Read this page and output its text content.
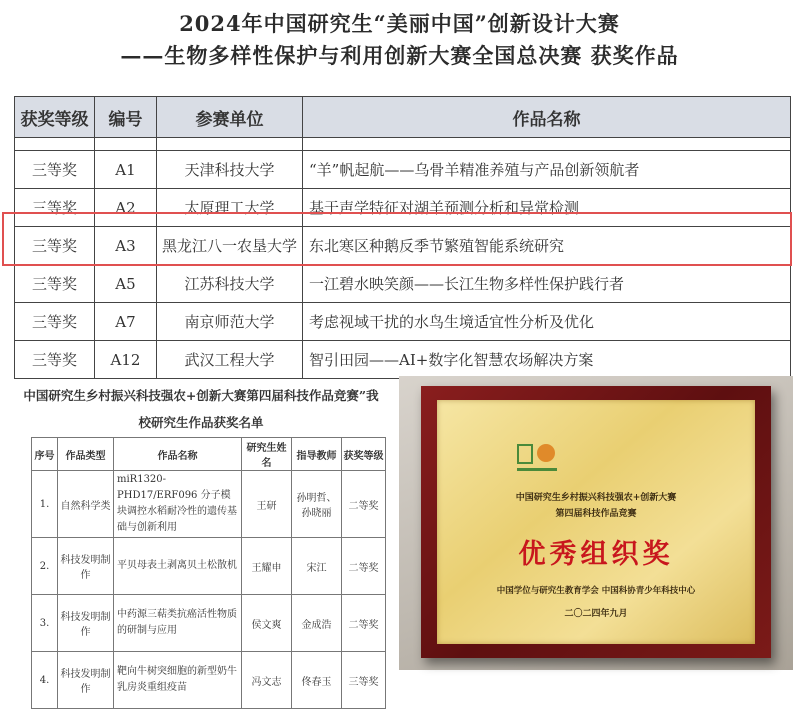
2024年中国研究生“美丽中国”创新设计大赛
——生物多样性保护与利用创新大赛全国总决赛 获奖作品
获奖等级	编号	参赛单位	作品名称

三等奖	A1	天津科技大学	“羊”帆起航——乌骨羊精准养殖与产品创新领航者
三等奖	A2	太原理工大学	基于声学特征对湖羊预测分析和异常检测
三等奖	A3	黑龙江八一农垦大学	东北寒区种鹅反季节繁殖智能系统研究
三等奖	A5	江苏科技大学	一江碧水映笑颜——长江生物多样性保护践行者
三等奖	A7	南京师范大学	考虑视域干扰的水鸟生境适宜性分析及优化
三等奖	A12	武汉工程大学	智引田园——AI+数字化智慧农场解决方案
中国研究生乡村振兴科技强农+创新大赛第四届科技作品竞赛”我
校研究生作品获奖名单
序号	作品类型	作品名称	研究生姓名	指导教师	获奖等级
1.	自然科学类	miR1320-PHD17/ERF096 分子模块调控水稻耐冷性的遗传基础与创新利用	王研	孙明哲、孙晓丽	二等奖
2.	科技发明制作	平贝母表土剥离贝土松散机	王耀申	宋江	二等奖
3.	科技发明制作	中药源三萜类抗癌活性物质的研制与应用	侯文爽	金成浩	二等奖
4.	科技发明制作	靶向牛树突细胞的新型奶牛乳房炎重组疫苗	冯文志	佟春玉	三等奖
中国研究生乡村振兴科技强农+创新大赛
第四届科技作品竞赛
优秀组织奖
中国学位与研究生教育学会 中国科协青少年科技中心
二〇二四年九月
